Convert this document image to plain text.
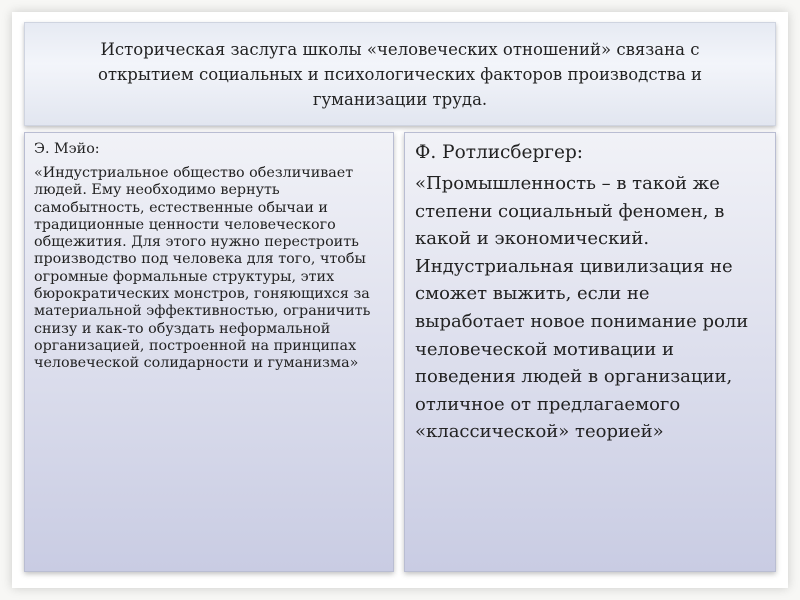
Историческая заслуга школы «человеческих отношений» связана с открытием социальных и психологических факторов производства и гуманизации труда.

Э. Мэйо:

«Индустриальное общество обезличивает людей. Ему необходимо вернуть самобытность, естественные обычаи и традиционные ценности человеческого общежития. Для этого нужно перестроить производство под человека для того, чтобы огромные формальные структуры, этих бюрократических монстров, гоняющихся за материальной эффективностью, ограничить снизу и как-то обуздать неформальной организацией, построенной на принципах человеческой солидарности и гуманизма»

Ф. Ротлисбергер:

«Промышленность – в такой же степени социальный феномен, в какой и экономический. Индустриальная цивилизация не сможет выжить, если не выработает новое понимание роли человеческой мотивации и поведения людей в организации, отличное от предлагаемого «классической» теорией»
